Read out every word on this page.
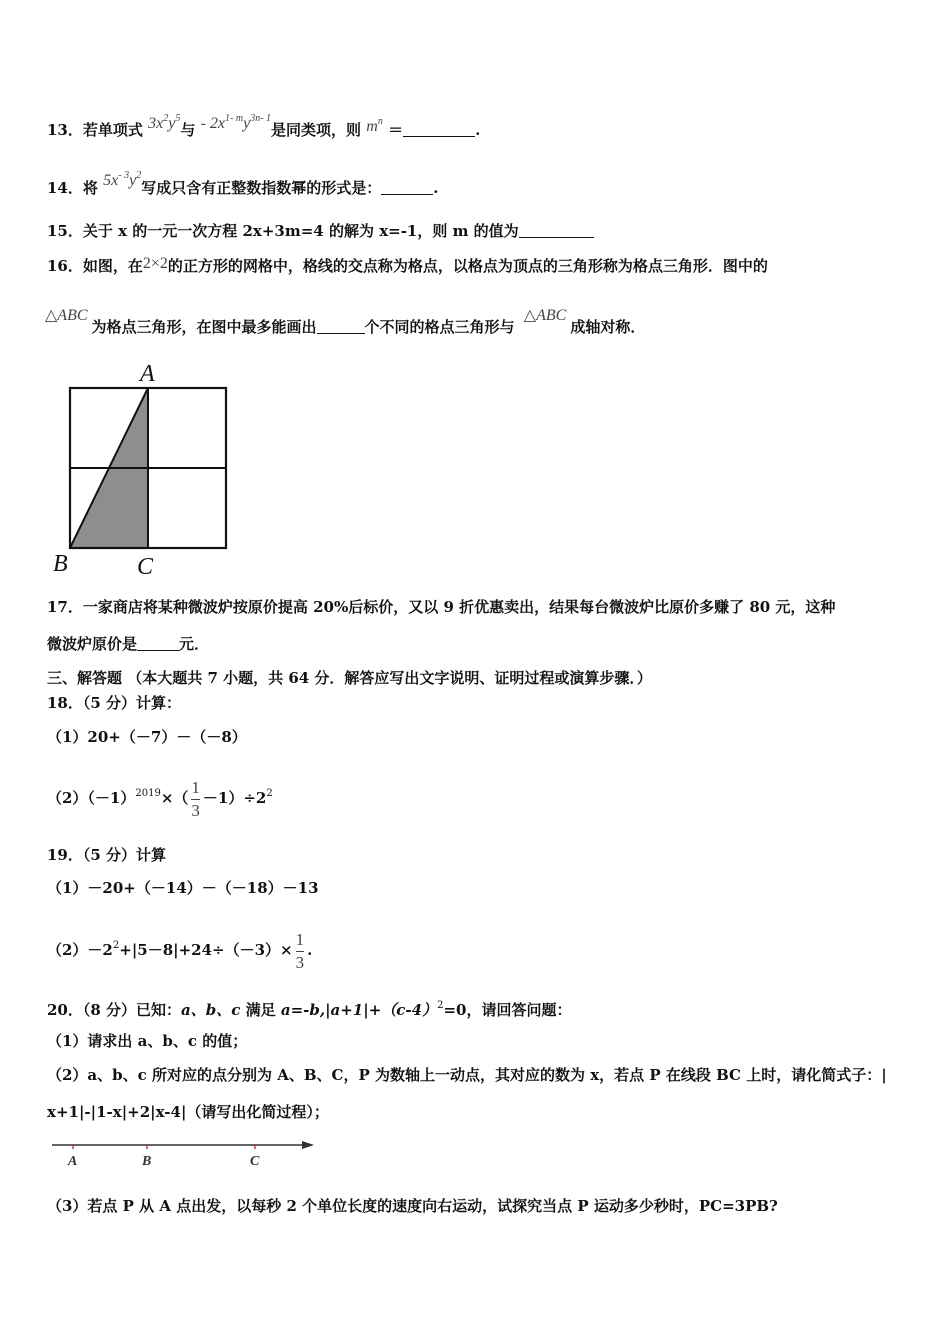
13．若单项式 $3x^2y^5$与 - $2x^{1- m}y^{3n- 1}$是同类项，则 $m^n$ ＝	.
14．将 $5x^{- 3}y^2$写成只含有正整数指数幂的形式是：	.
15．关于 x 的一元一次方程 2x+3m=4 的解为 x=-1，则 m 的值为
16．如图，在2×2的正方形的网格中，格线的交点称为格点，以格点为顶点的三角形称为格点三角形．图中的
△ABC为格点三角形，在图中最多能画出	个不同的格点三角形与 △ABC成轴对称．
A
B	C
17．一家商店将某种微波炉按原价提高 20%后标价，又以 9 折优惠卖出，结果每台微波炉比原价多赚了 80 元，这种
微波炉原价是	元．
三、解答题 （本大题共 7 小题，共 64 分．解答应写出文字说明、证明过程或演算步骤．）
18．（5 分）计算：
（1）20+（－7）－（－8）
$(2)(-1)^{2019}\times( \frac{1}{3} -1)\div 2^2$
19．（5 分）计算
（1）－20+（－14）－（－18）－13
$(2)-2^2+|5-8|+24\div(-3)\times \frac{1}{3}$ .
20．（8 分）已知：a、b、c 满足 $a=-b,|a+1|+(c-4)^2=0$，请回答问题：
（1）请求出 a、b、c 的值；
（2）a、b、c 所对应的点分别为 A、B、C，P 为数轴上一动点，其对应的数为 x，若点 P 在线段 BC 上时，请化简式子：|
x+1|-|1-x|+2|x-4|（请写出化简过程）；
A	B	C
（3）若点 P 从 A 点出发，以每秒 2 个单位长度的速度向右运动，试探究当点 P 运动多少秒时，PC=3PB?
